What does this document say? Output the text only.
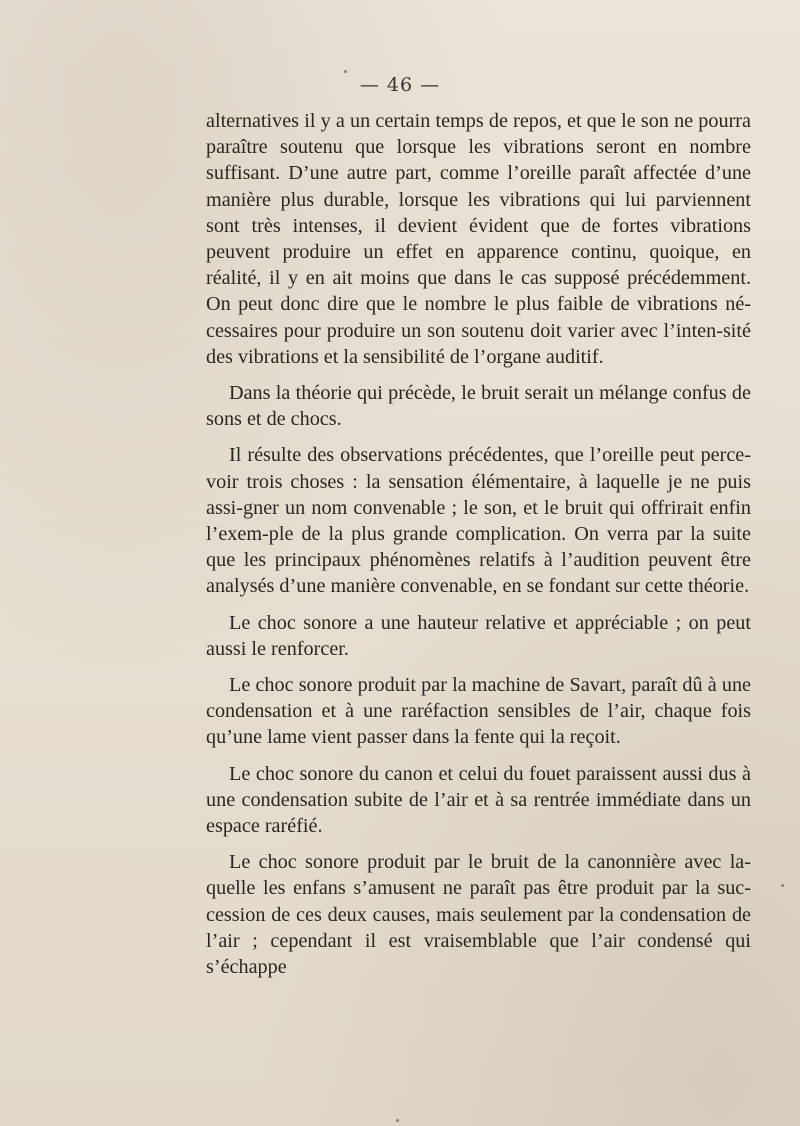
— 46 —

alternatives il y a un certain temps de repos, et que le son ne pourra paraître soutenu que lorsque les vibrations seront en nombre suffisant. D’une autre part, comme l’oreille paraît affectée d’une manière plus durable, lorsque les vibrations qui lui parviennent sont très intenses, il devient évident que de fortes vibrations peuvent produire un effet en apparence continu, quoique, en réalité, il y en ait moins que dans le cas supposé précédemment. On peut donc dire que le nombre le plus faible de vibrations né-cessaires pour produire un son soutenu doit varier avec l’inten-sité des vibrations et la sensibilité de l’organe auditif.

Dans la théorie qui précède, le bruit serait un mélange confus de sons et de chocs.

Il résulte des observations précédentes, que l’oreille peut perce-voir trois choses : la sensation élémentaire, à laquelle je ne puis assi-gner un nom convenable ; le son, et le bruit qui offrirait enfin l’exem-ple de la plus grande complication. On verra par la suite que les principaux phénomènes relatifs à l’audition peuvent être analysés d’une manière convenable, en se fondant sur cette théorie.

Le choc sonore a une hauteur relative et appréciable ; on peut aussi le renforcer.

Le choc sonore produit par la machine de Savart, paraît dû à une condensation et à une raréfaction sensibles de l’air, chaque fois qu’une lame vient passer dans la fente qui la reçoit.

Le choc sonore du canon et celui du fouet paraissent aussi dus à une condensation subite de l’air et à sa rentrée immédiate dans un espace raréfié.

Le choc sonore produit par le bruit de la canonnière avec la-quelle les enfans s’amusent ne paraît pas être produit par la suc-cession de ces deux causes, mais seulement par la condensation de l’air ; cependant il est vraisemblable que l’air condensé qui s’échappe
